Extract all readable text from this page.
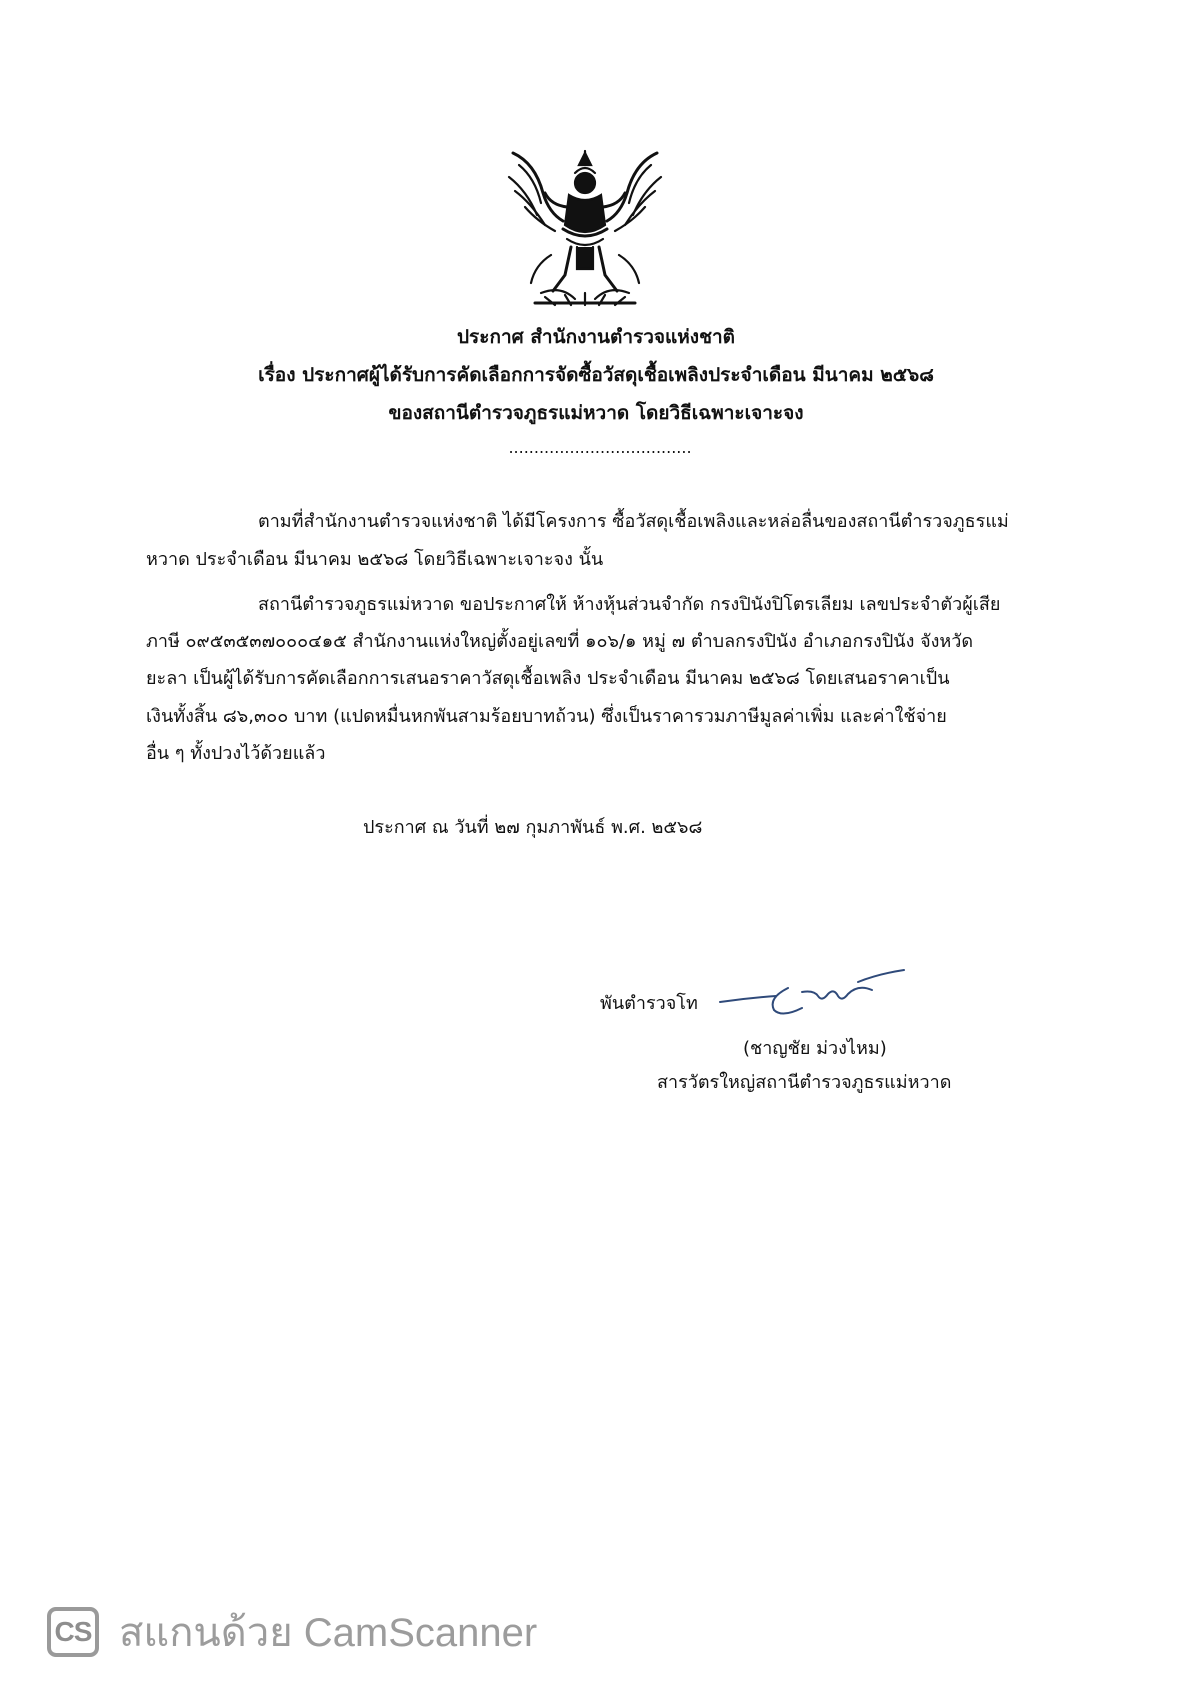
ประกาศ สำนักงานตำรวจแห่งชาติ
เรื่อง ประกาศผู้ได้รับการคัดเลือกการจัดซื้อวัสดุเชื้อเพลิงประจำเดือน มีนาคม ๒๕๖๘
ของสถานีตำรวจภูธรแม่หวาด โดยวิธีเฉพาะเจาะจง
....................................
ตามที่สำนักงานตำรวจแห่งชาติ ได้มีโครงการ ซื้อวัสดุเชื้อเพลิงและหล่อลื่นของสถานีตำรวจภูธรแม่
หวาด ประจำเดือน มีนาคม ๒๕๖๘ โดยวิธีเฉพาะเจาะจง นั้น
สถานีตำรวจภูธรแม่หวาด ขอประกาศให้ ห้างหุ้นส่วนจำกัด กรงปินังปิโตรเลียม เลขประจำตัวผู้เสีย
ภาษี ๐๙๕๓๕๓๗๐๐๐๔๑๕ สำนักงานแห่งใหญ่ตั้งอยู่เลขที่ ๑๐๖/๑ หมู่ ๗ ตำบลกรงปินัง อำเภอกรงปินัง จังหวัด
ยะลา เป็นผู้ได้รับการคัดเลือกการเสนอราคาวัสดุเชื้อเพลิง ประจำเดือน มีนาคม ๒๕๖๘ โดยเสนอราคาเป็น
เงินทั้งสิ้น ๘๖,๓๐๐ บาท (แปดหมื่นหกพันสามร้อยบาทถ้วน) ซึ่งเป็นราคารวมภาษีมูลค่าเพิ่ม และค่าใช้จ่าย
อื่น ๆ ทั้งปวงไว้ด้วยแล้ว
ประกาศ ณ วันที่ ๒๗ กุมภาพันธ์ พ.ศ. ๒๕๖๘
พันตำรวจโท
(ชาญชัย ม่วงไหม)
สารวัตรใหญ่สถานีตำรวจภูธรแม่หวาด
CS สแกนด้วย CamScanner
